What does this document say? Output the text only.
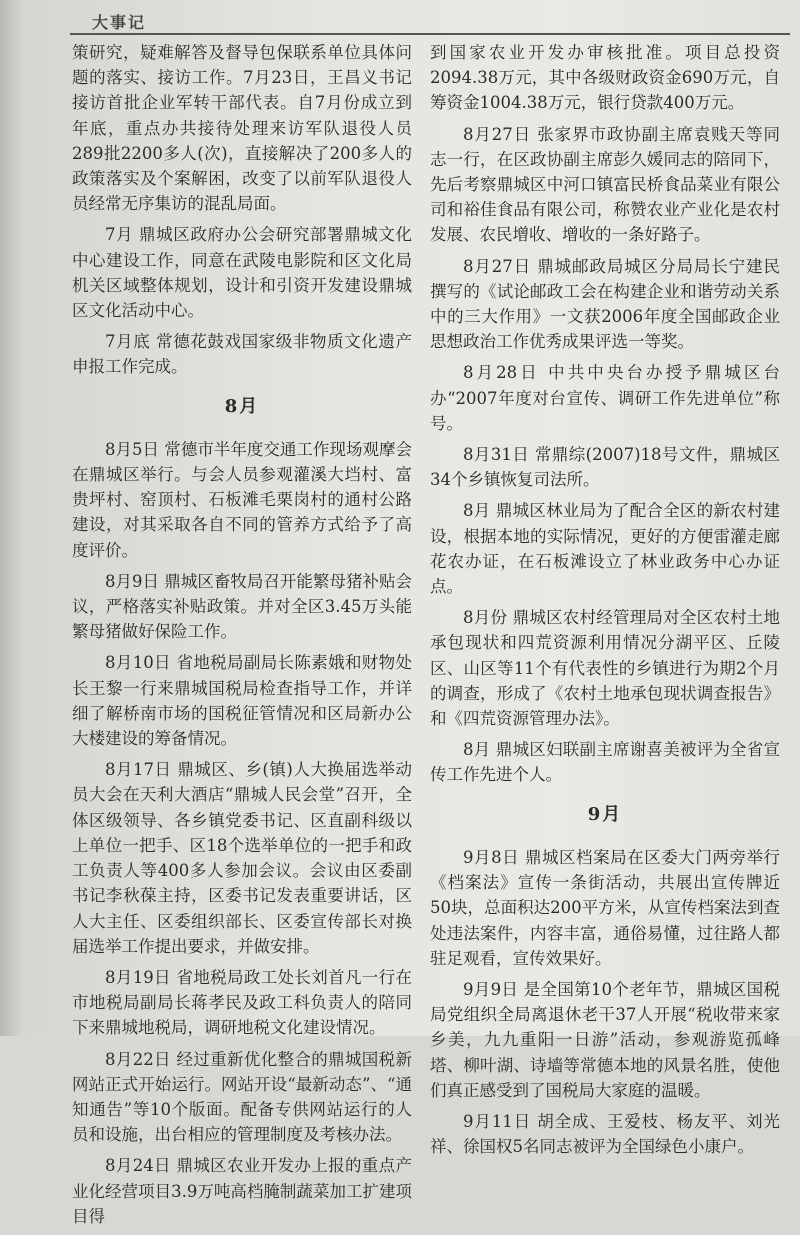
大事记

策研究，疑难解答及督导包保联系单位具体问题的落实、接访工作。7月23日，王昌义书记接访首批企业军转干部代表。自7月份成立到年底，重点办共接待处理来访军队退役人员289批2200多人(次)，直接解决了200多人的政策落实及个案解困，改变了以前军队退役人员经常无序集访的混乱局面。

7月 鼎城区政府办公会研究部署鼎城文化中心建设工作，同意在武陵电影院和区文化局机关区域整体规划，设计和引资开发建设鼎城区文化活动中心。

7月底 常德花鼓戏国家级非物质文化遗产申报工作完成。

8月

8月5日 常德市半年度交通工作现场观摩会在鼎城区举行。与会人员参观灌溪大垱村、富贵坪村、窑顶村、石板滩毛栗岗村的通村公路建设，对其采取各自不同的管养方式给予了高度评价。

8月9日 鼎城区畜牧局召开能繁母猪补贴会议，严格落实补贴政策。并对全区3.45万头能繁母猪做好保险工作。

8月10日 省地税局副局长陈素娥和财物处长王黎一行来鼎城国税局检查指导工作，并详细了解桥南市场的国税征管情况和区局新办公大楼建设的筹备情况。

8月17日 鼎城区、乡(镇)人大换届选举动员大会在天利大酒店“鼎城人民会堂”召开，全体区级领导、各乡镇党委书记、区直副科级以上单位一把手、区18个选举单位的一把手和政工负责人等400多人参加会议。会议由区委副书记李秋葆主持，区委书记发表重要讲话，区人大主任、区委组织部长、区委宣传部长对换届选举工作提出要求，并做安排。

8月19日 省地税局政工处长刘首凡一行在市地税局副局长蒋孝民及政工科负责人的陪同下来鼎城地税局，调研地税文化建设情况。

8月22日 经过重新优化整合的鼎城国税新网站正式开始运行。网站开设“最新动态”、“通知通告”等10个版面。配备专供网站运行的人员和设施，出台相应的管理制度及考核办法。

8月24日 鼎城区农业开发办上报的重点产业化经营项目3.9万吨高档腌制蔬菜加工扩建项目得

到国家农业开发办审核批准。项目总投资2094.38万元，其中各级财政资金690万元，自筹资金1004.38万元，银行贷款400万元。

8月27日 张家界市政协副主席袁贱天等同志一行，在区政协副主席彭久媛同志的陪同下，先后考察鼎城区中河口镇富民桥食品菜业有限公司和裕佳食品有限公司，称赞农业产业化是农村发展、农民增收、增收的一条好路子。

8月27日 鼎城邮政局城区分局局长宁建民撰写的《试论邮政工会在构建企业和谐劳动关系中的三大作用》一文获2006年度全国邮政企业思想政治工作优秀成果评选一等奖。

8月28日 中共中央台办授予鼎城区台办“2007年度对台宣传、调研工作先进单位”称号。

8月31日 常鼎综(2007)18号文件，鼎城区34个乡镇恢复司法所。

8月 鼎城区林业局为了配合全区的新农村建设，根据本地的实际情况，更好的方便雷灌走廊花农办证，在石板滩设立了林业政务中心办证点。

8月份 鼎城区农村经管理局对全区农村土地承包现状和四荒资源利用情况分湖平区、丘陵区、山区等11个有代表性的乡镇进行为期2个月的调查，形成了《农村土地承包现状调查报告》和《四荒资源管理办法》。

8月 鼎城区妇联副主席谢喜美被评为全省宣传工作先进个人。

9月

9月8日 鼎城区档案局在区委大门两旁举行《档案法》宣传一条街活动，共展出宣传牌近50块，总面积达200平方米，从宣传档案法到查处违法案件，内容丰富，通俗易懂，过往路人都驻足观看，宣传效果好。

9月9日 是全国第10个老年节，鼎城区国税局党组织全局离退休老干37人开展“税收带来家乡美，九九重阳一日游”活动，参观游览孤峰塔、柳叶湖、诗墙等常德本地的风景名胜，使他们真正感受到了国税局大家庭的温暖。

9月11日 胡全成、王爱枝、杨友平、刘光祥、徐国权5名同志被评为全国绿色小康户。
